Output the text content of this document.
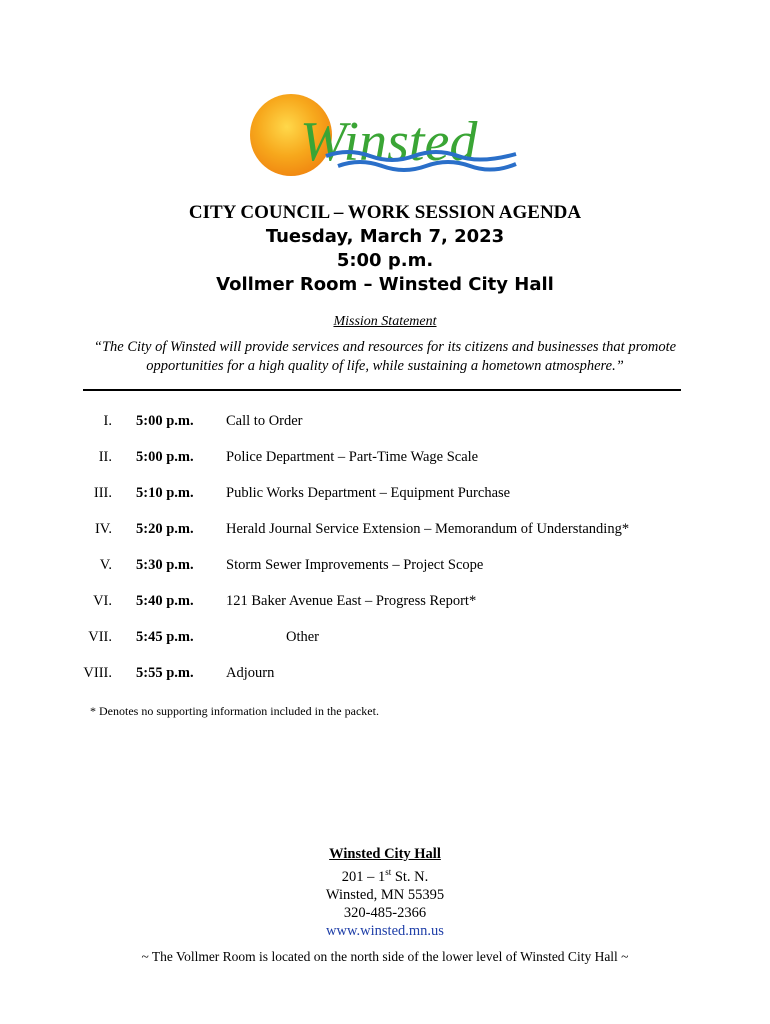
Winsted
CITY COUNCIL – WORK SESSION AGENDA
Tuesday, March 7, 2023
5:00 p.m.
Vollmer Room – Winsted City Hall
Mission Statement
“The City of Winsted will provide services and resources for its citizens and businesses that promote opportunities for a high quality of life, while sustaining a hometown atmosphere.”
I. 5:00 p.m. Call to Order
II. 5:00 p.m. Police Department – Part-Time Wage Scale
III. 5:10 p.m. Public Works Department – Equipment Purchase
IV. 5:20 p.m. Herald Journal Service Extension – Memorandum of Understanding*
V. 5:30 p.m. Storm Sewer Improvements – Project Scope
VI. 5:40 p.m. 121 Baker Avenue East – Progress Report*
VII. 5:45 p.m.	Other
VIII. 5:55 p.m. Adjourn
* Denotes no supporting information included in the packet.
Winsted City Hall
201 – 1st St. N.
Winsted, MN 55395
320-485-2366
www.winsted.mn.us
~ The Vollmer Room is located on the north side of the lower level of Winsted City Hall ~
